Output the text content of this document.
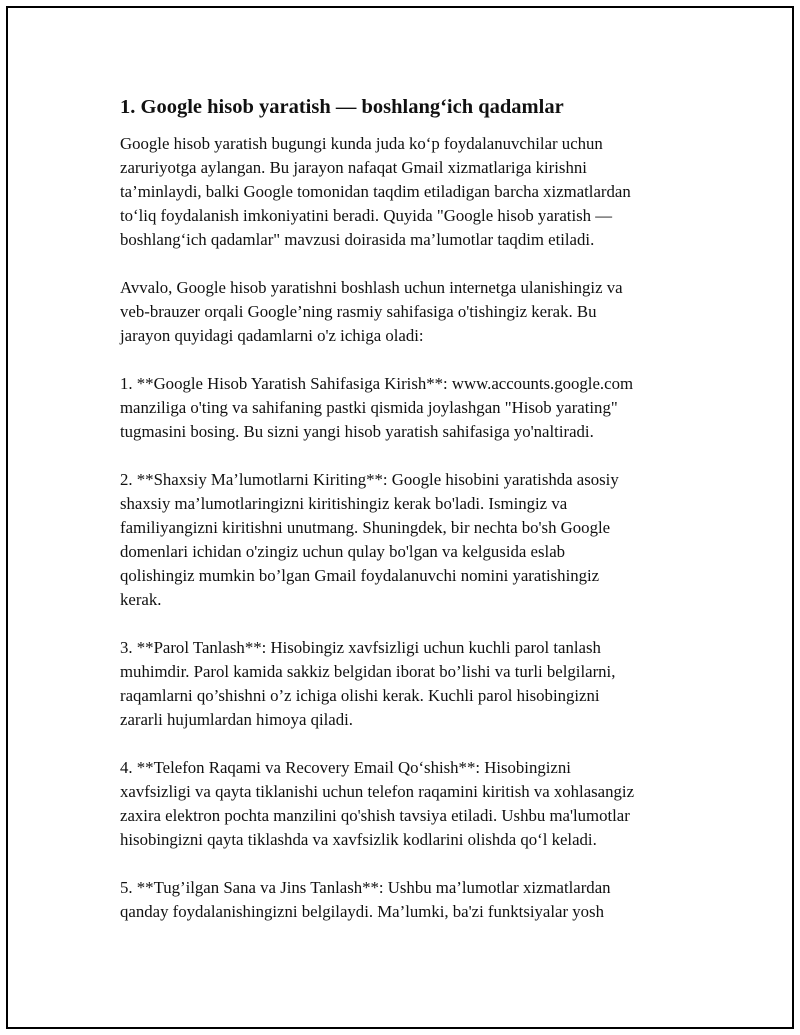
1. Google hisob yaratish — boshlang‘ich qadamlar
Google hisob yaratish bugungi kunda juda ko‘p foydalanuvchilar uchun
zaruriyotga aylangan. Bu jarayon nafaqat Gmail xizmatlariga kirishni
ta’minlaydi, balki Google tomonidan taqdim etiladigan barcha xizmatlardan
to‘liq foydalanish imkoniyatini beradi. Quyida "Google hisob yaratish —
boshlang‘ich qadamlar" mavzusi doirasida ma’lumotlar taqdim etiladi.
Avvalo, Google hisob yaratishni boshlash uchun internetga ulanishingiz va
veb-brauzer orqali Google’ning rasmiy sahifasiga o'tishingiz kerak. Bu
jarayon quyidagi qadamlarni o'z ichiga oladi:
1. **Google Hisob Yaratish Sahifasiga Kirish**: www.accounts.google.com
manziliga o'ting va sahifaning pastki qismida joylashgan "Hisob yarating"
tugmasini bosing. Bu sizni yangi hisob yaratish sahifasiga yo'naltiradi.
2. **Shaxsiy Ma’lumotlarni Kiriting**: Google hisobini yaratishda asosiy
shaxsiy ma’lumotlaringizni kiritishingiz kerak bo'ladi. Ismingiz va
familiyangizni kiritishni unutmang. Shuningdek, bir nechta bo'sh Google
domenlari ichidan o'zingiz uchun qulay bo'lgan va kelgusida eslab
qolishingiz mumkin bo’lgan Gmail foydalanuvchi nomini yaratishingiz
kerak.
3. **Parol Tanlash**: Hisobingiz xavfsizligi uchun kuchli parol tanlash
muhimdir. Parol kamida sakkiz belgidan iborat bo’lishi va turli belgilarni,
raqamlarni qo’shishni o’z ichiga olishi kerak. Kuchli parol hisobingizni
zararli hujumlardan himoya qiladi.
4. **Telefon Raqami va Recovery Email Qo‘shish**: Hisobingizni
xavfsizligi va qayta tiklanishi uchun telefon raqamini kiritish va xohlasangiz
zaxira elektron pochta manzilini qo'shish tavsiya etiladi. Ushbu ma'lumotlar
hisobingizni qayta tiklashda va xavfsizlik kodlarini olishda qo‘l keladi.
5. **Tug’ilgan Sana va Jins Tanlash**: Ushbu ma’lumotlar xizmatlardan
qanday foydalanishingizni belgilaydi. Ma’lumki, ba'zi funktsiyalar yosh
